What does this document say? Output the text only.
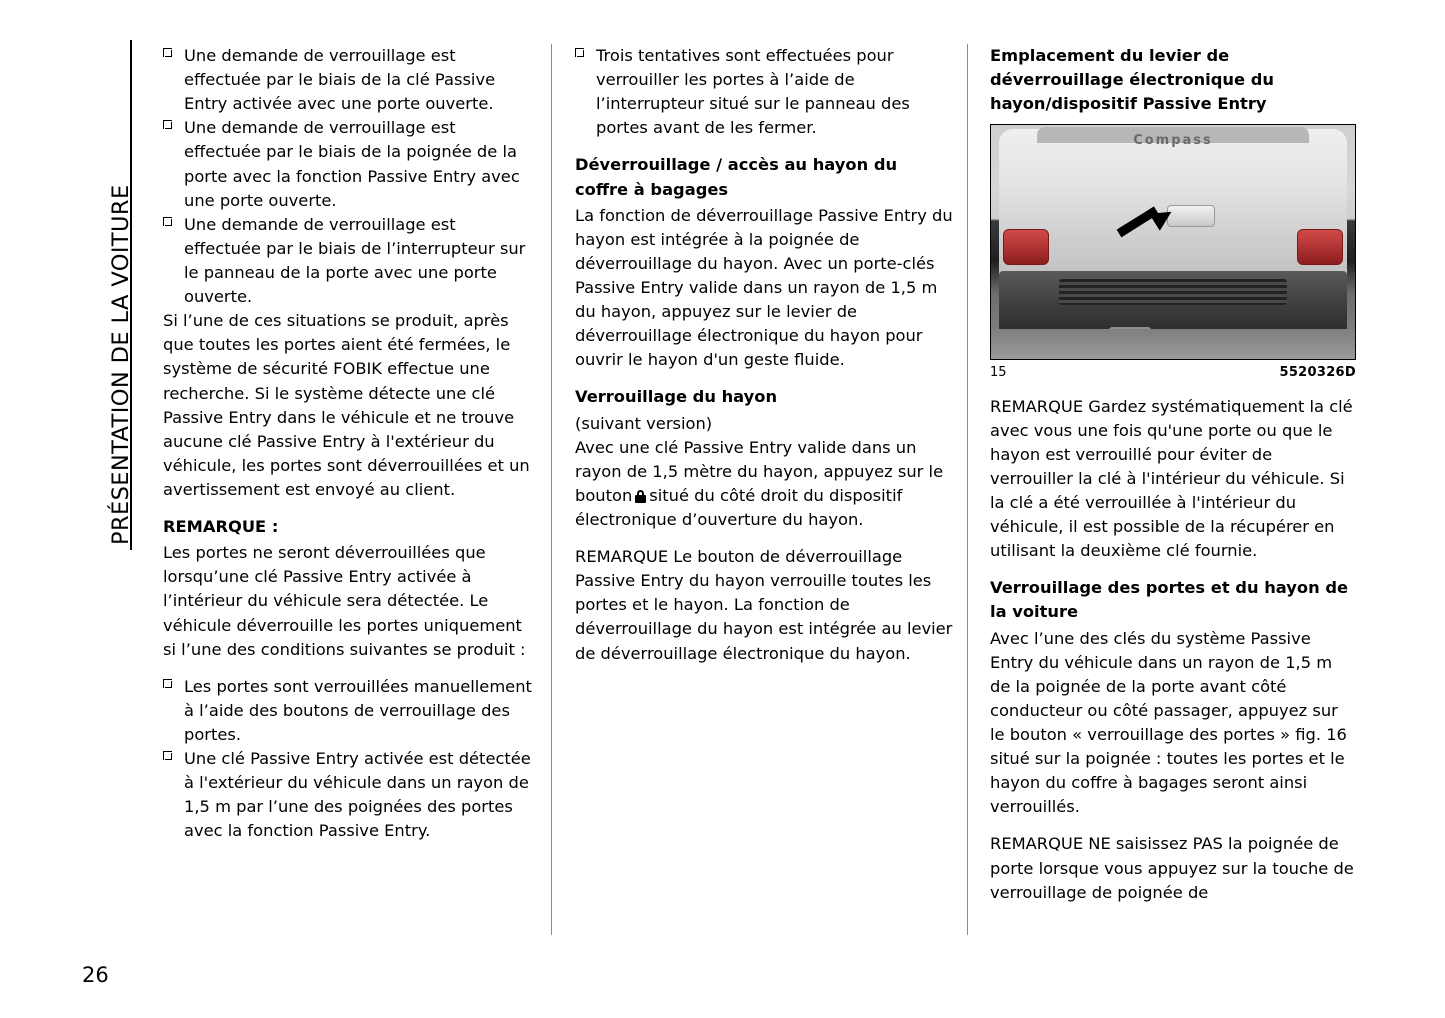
PRÉSENTATION DE LA VOITURE

Une demande de verrouillage est effectuée par le biais de la clé Passive Entry activée avec une porte ouverte.

Une demande de verrouillage est effectuée par le biais de la poignée de la porte avec la fonction Passive Entry avec une porte ouverte.

Une demande de verrouillage est effectuée par le biais de l’interrupteur sur le panneau de la porte avec une porte ouverte.

Si l’une de ces situations se produit, après que toutes les portes aient été fermées, le système de sécurité FOBIK effectue une recherche. Si le système détecte une clé Passive Entry dans le véhicule et ne trouve aucune clé Passive Entry à l'extérieur du véhicule, les portes sont déverrouillées et un avertissement est envoyé au client.

REMARQUE :

Les portes ne seront déverrouillées que lorsqu’une clé Passive Entry activée à l’intérieur du véhicule sera détectée. Le véhicule déverrouille les portes uniquement si l’une des conditions suivantes se produit :

Les portes sont verrouillées manuellement à l’aide des boutons de verrouillage des portes.

Une clé Passive Entry activée est détectée à l'extérieur du véhicule dans un rayon de 1,5 m par l’une des poignées des portes avec la fonction Passive Entry.

Trois tentatives sont effectuées pour verrouiller les portes à l’aide de l’interrupteur situé sur le panneau des portes avant de les fermer.

Déverrouillage / accès au hayon du coffre à bagages

La fonction de déverrouillage Passive Entry du hayon est intégrée à la poignée de déverrouillage du hayon. Avec un porte-clés Passive Entry valide dans un rayon de 1,5 m du hayon, appuyez sur le levier de déverrouillage électronique du hayon pour ouvrir le hayon d'un geste fluide.

Verrouillage du hayon

(suivant version)

Avec une clé Passive Entry valide dans un rayon de 1,5 mètre du hayon, appuyez sur le bouton situé du côté droit du dispositif électronique d’ouverture du hayon.

REMARQUE Le bouton de déverrouillage Passive Entry du hayon verrouille toutes les portes et le hayon. La fonction de déverrouillage du hayon est intégrée au levier de déverrouillage électronique du hayon.

Emplacement du levier de déverrouillage électronique du hayon/dispositif Passive Entry

Compass
15	5520326D

REMARQUE Gardez systématiquement la clé avec vous une fois qu'une porte ou que le hayon est verrouillé pour éviter de verrouiller la clé à l'intérieur du véhicule. Si la clé a été verrouillée à l'intérieur du véhicule, il est possible de la récupérer en utilisant la deuxième clé fournie.

Verrouillage des portes et du hayon de la voiture

Avec l’une des clés du système Passive Entry du véhicule dans un rayon de 1,5 m de la poignée de la porte avant côté conducteur ou côté passager, appuyez sur le bouton « verrouillage des portes » fig. 16 situé sur la poignée : toutes les portes et le hayon du coffre à bagages seront ainsi verrouillés.

REMARQUE NE saisissez PAS la poignée de porte lorsque vous appuyez sur la touche de verrouillage de poignée de

26
